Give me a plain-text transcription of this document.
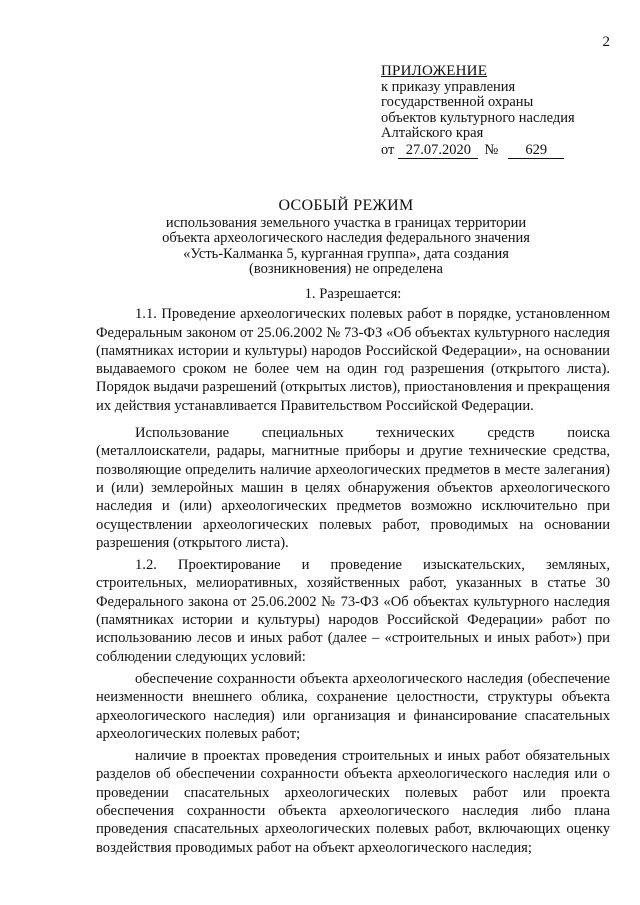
2
ПРИЛОЖЕНИЕ
к приказу управления
государственной охраны
объектов культурного наследия
Алтайского края
от 27.07.2020 № 629
ОСОБЫЙ РЕЖИМ
использования земельного участка в границах территории
объекта археологического наследия федерального значения
«Усть-Калманка 5, курганная группа», дата создания
(возникновения) не определена

1. Разрешается:

1.1. Проведение археологических полевых работ в порядке, установленном Федеральным законом от 25.06.2002 № 73-ФЗ «Об объектах культурного наследия (памятниках истории и культуры) народов Российской Федерации», на основании выдаваемого сроком не более чем на один год разрешения (открытого листа). Порядок выдачи разрешений (открытых листов), приостановления и прекращения их действия устанавливается Правительством Российской Федерации.

Использование специальных технических средств поиска (металлоискатели, радары, магнитные приборы и другие технические средства, позволяющие определить наличие археологических предметов в месте залегания) и (или) землеройных машин в целях обнаружения объектов археологического наследия и (или) археологических предметов возможно исключительно при осуществлении археологических полевых работ, проводимых на основании разрешения (открытого листа).

1.2. Проектирование и проведение изыскательских, земляных, строительных, мелиоративных, хозяйственных работ, указанных в статье 30 Федерального закона от 25.06.2002 № 73-ФЗ «Об объектах культурного наследия (памятниках истории и культуры) народов Российской Федерации» работ по использованию лесов и иных работ (далее – «строительных и иных работ») при соблюдении следующих условий:

обеспечение сохранности объекта археологического наследия (обеспечение неизменности внешнего облика, сохранение целостности, структуры объекта археологического наследия) или организация и финансирование спасательных археологических полевых работ;

наличие в проектах проведения строительных и иных работ обязательных разделов об обеспечении сохранности объекта археологического наследия или о проведении спасательных археологических полевых работ или проекта обеспечения сохранности объекта археологического наследия либо плана проведения спасательных археологических полевых работ, включающих оценку воздействия проводимых работ на объект археологического наследия;
